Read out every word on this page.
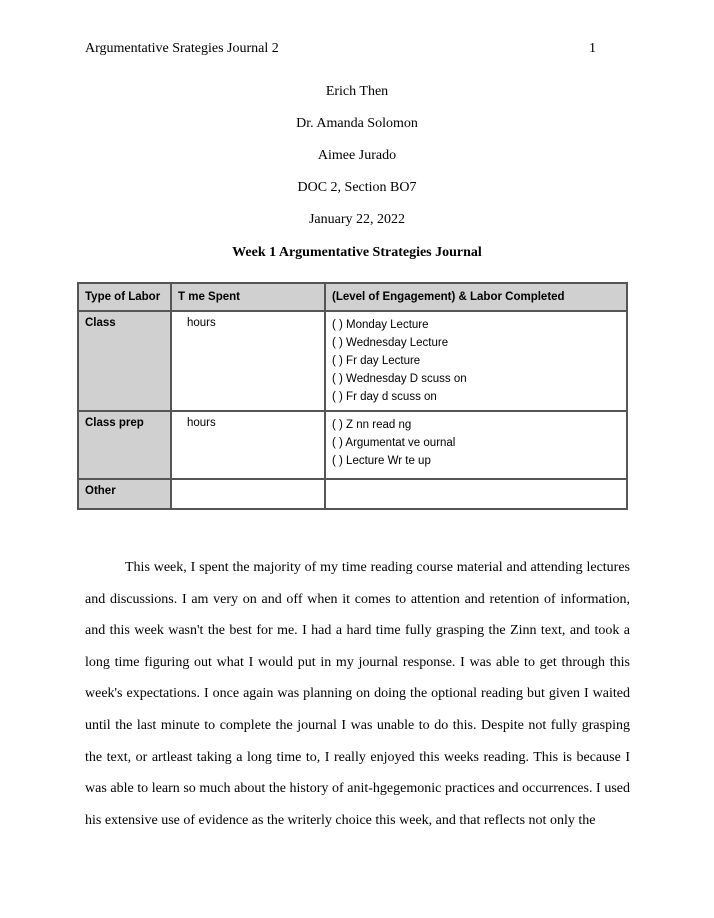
Argumentative Srategies Journal 2	1
Erich Then
Dr. Amanda Solomon
Aimee Jurado
DOC 2, Section BO7
January 22, 2022
Week 1 Argumentative Strategies Journal
Type of Labor	T me Spent	(Level of Engagement) & Labor Completed
Class	hours	( ) Monday Lecture
( ) Wednesday Lecture
( ) Fr day Lecture
( ) Wednesday D scuss on
( ) Fr day d scuss on

Class prep	hours	( ) Z nn read ng
( ) Argumentat ve ournal
( ) Lecture Wr te up

Other		

This week, I spent the majority of my time reading course material and attending lectures and discussions. I am very on and off when it comes to attention and retention of information, and this week wasn't the best for me. I had a hard time fully grasping the Zinn text, and took a long time figuring out what I would put in my journal response. I was able to get through this week's expectations. I once again was planning on doing the optional reading but given I waited until the last minute to complete the journal I was unable to do this. Despite not fully grasping the text, or artleast taking a long time to, I really enjoyed this weeks reading. This is because I was able to learn so much about the history of anit-hgegemonic practices and occurrences. I used his extensive use of evidence as the writerly choice this week, and that reflects not only the
